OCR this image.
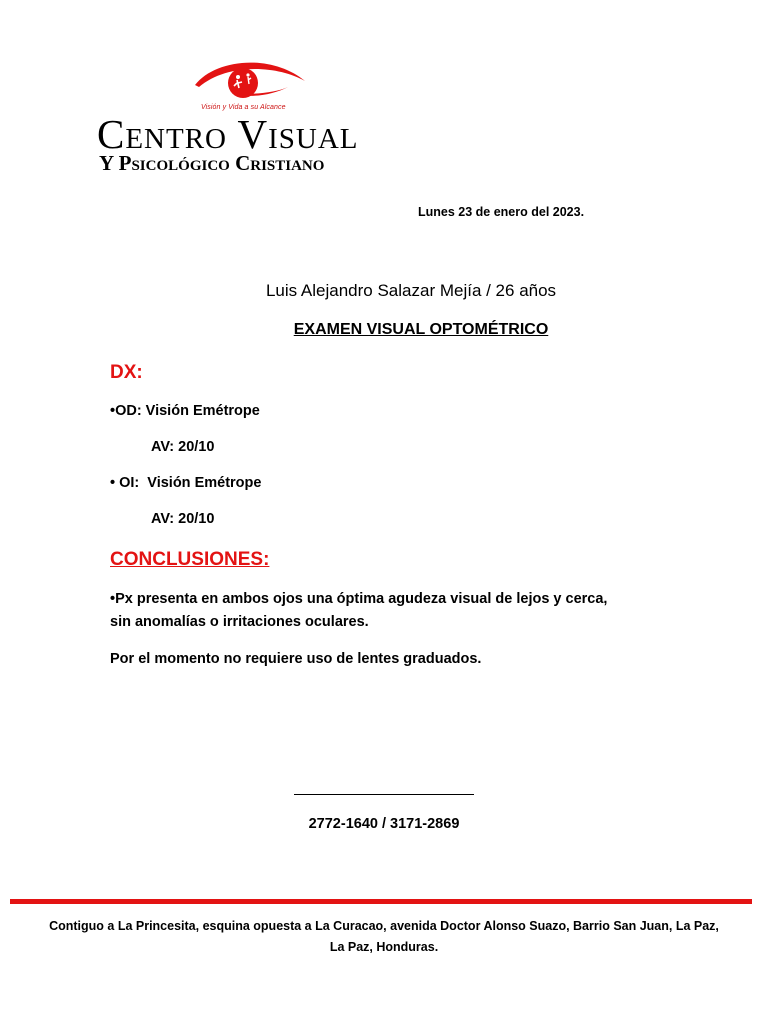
Visión y Vida a su Alcance
Centro Visual
Y Psicológico Cristiano
Lunes 23 de enero del 2023.
Luis Alejandro Salazar Mejía / 26 años
EXAMEN VISUAL OPTOMÉTRICO
DX:
•OD: Visión Emétrope
AV: 20/10
• OI:  Visión Emétrope
AV: 20/10
CONCLUSIONES:
•Px presenta en ambos ojos una óptima agudeza visual de lejos y cerca,
sin anomalías o irritaciones oculares.
Por el momento no requiere uso de lentes graduados.
2772-1640 / 3171-2869
Contiguo a La Princesita, esquina opuesta a La Curacao, avenida Doctor Alonso Suazo, Barrio San Juan, La Paz,
La Paz, Honduras.
